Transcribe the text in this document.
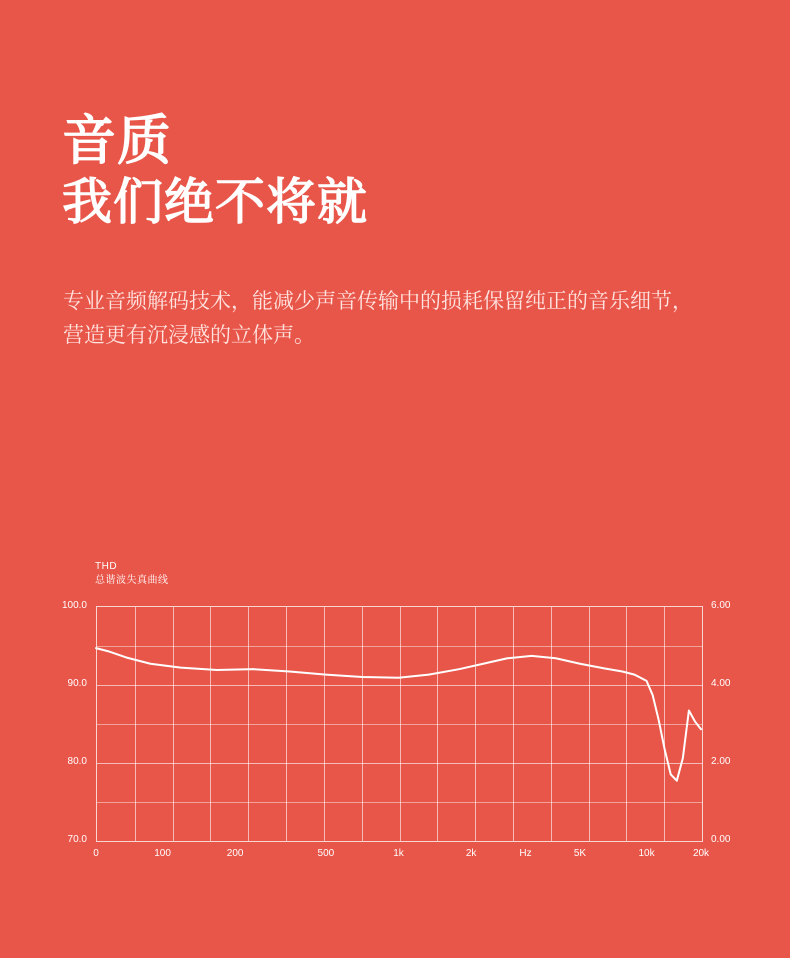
音质
我们绝不将就
专业音频解码技术，能减少声音传输中的损耗保留纯正的音乐细节，营造更有沉浸感的立体声。
THD
总谐波失真曲线
100.0
90.0
80.0
70.0
6.00
4.00
2.00
0.00
0	100	200	500	1k	2k	Hz	5K	10k	20k
